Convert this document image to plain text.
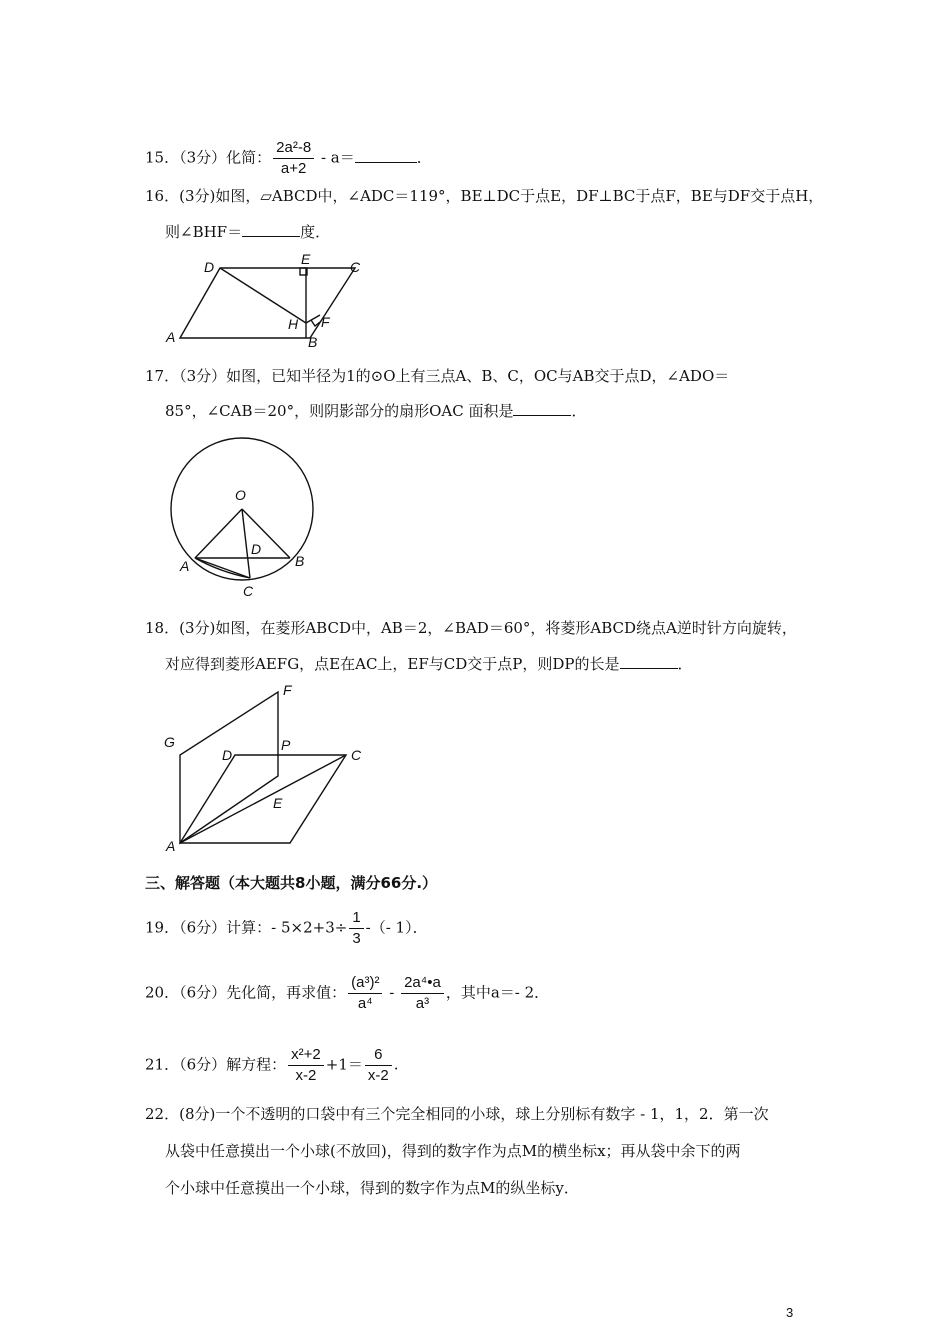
15．（3分）化简： $\frac{\text{2a²-8}}{a+2} - a=$	．
16．(3分)如图，▱ABCD中，∠ADC＝119°，BE⊥DC于点E，DF⊥BC于点F，BE与DF交于点H，
则∠BHF＝	度．
A
D	E	C
H F
B
17．（3分）如图，已知半径为1的⊙O上有三点A、B、C，OC与AB交于点D，∠ADO＝
85°，∠CAB＝20°，则阴影部分的扇形OAC 面积是	．
O
D
A	B
C
18．(3分)如图，在菱形ABCD中，AB＝2，∠BAD＝60°，将菱形ABCD绕点A逆时针方向旋转，
对应得到菱形AEFG，点E在AC上，EF与CD交于点P，则DP的长是	．
A
G
D
F
P
C
E
三、解答题（本大题共8小题，满分66分.）
19．（6分）计算：- $5\times 2+3\div \frac{1}{3}$ -（- 1）．
20．（6分）先化简，再求值： $\frac{\text{(a³)²}}{\text{a⁴}} - \frac{\text{2a⁴•a}}{\text{a³}}$ ，其中a＝- 2．
21．（6分）解方程： $\frac{\text{x²+2}}{x-2} +1= \frac{6}{x-2}$ .
22．(8分)一个不透明的口袋中有三个完全相同的小球，球上分别标有数字 - 1，1，2．第一次
从袋中任意摸出一个小球(不放回)，得到的数字作为点M的横坐标x；再从袋中余下的两
个小球中任意摸出一个小球，得到的数字作为点M的纵坐标y．
3
